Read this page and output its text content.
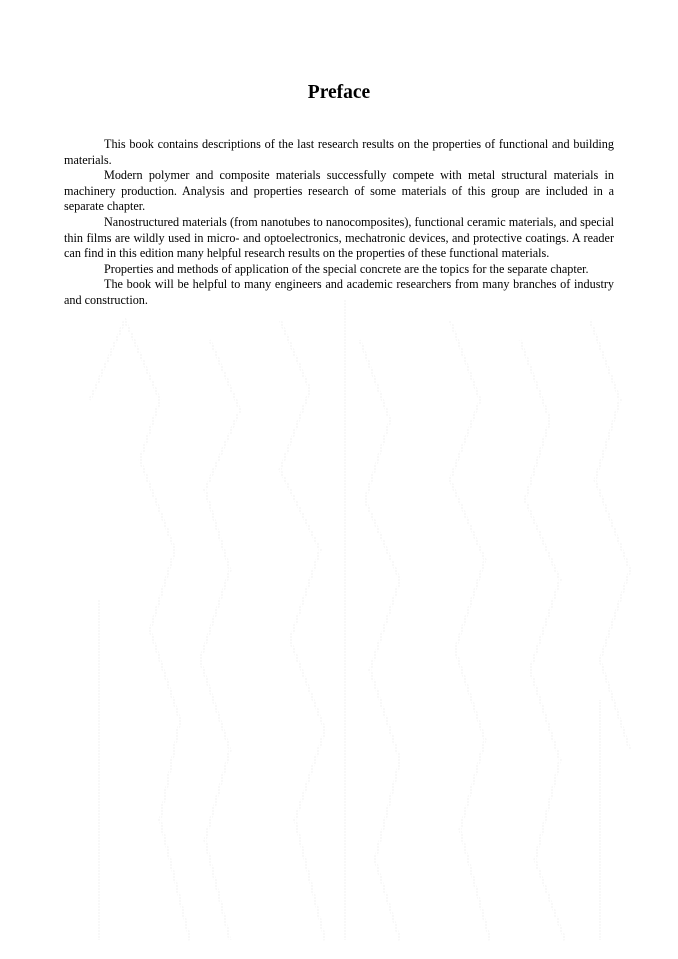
Preface

This book contains descriptions of the last research results on the properties of functional and building materials.

Modern polymer and composite materials successfully compete with metal structural materials in machinery production. Analysis and properties research of some materials of this group are included in a separate chapter.

Nanostructured materials (from nanotubes to nanocomposites), functional ceramic materials, and special thin films are wildly used in micro- and optoelectronics, mechatronic devices, and protective coatings. A reader can find in this edition many helpful research results on the properties of these functional materials.

Properties and methods of application of the special concrete are the topics for the separate chapter.

The book will be helpful to many engineers and academic researchers from many branches of industry and construction.
